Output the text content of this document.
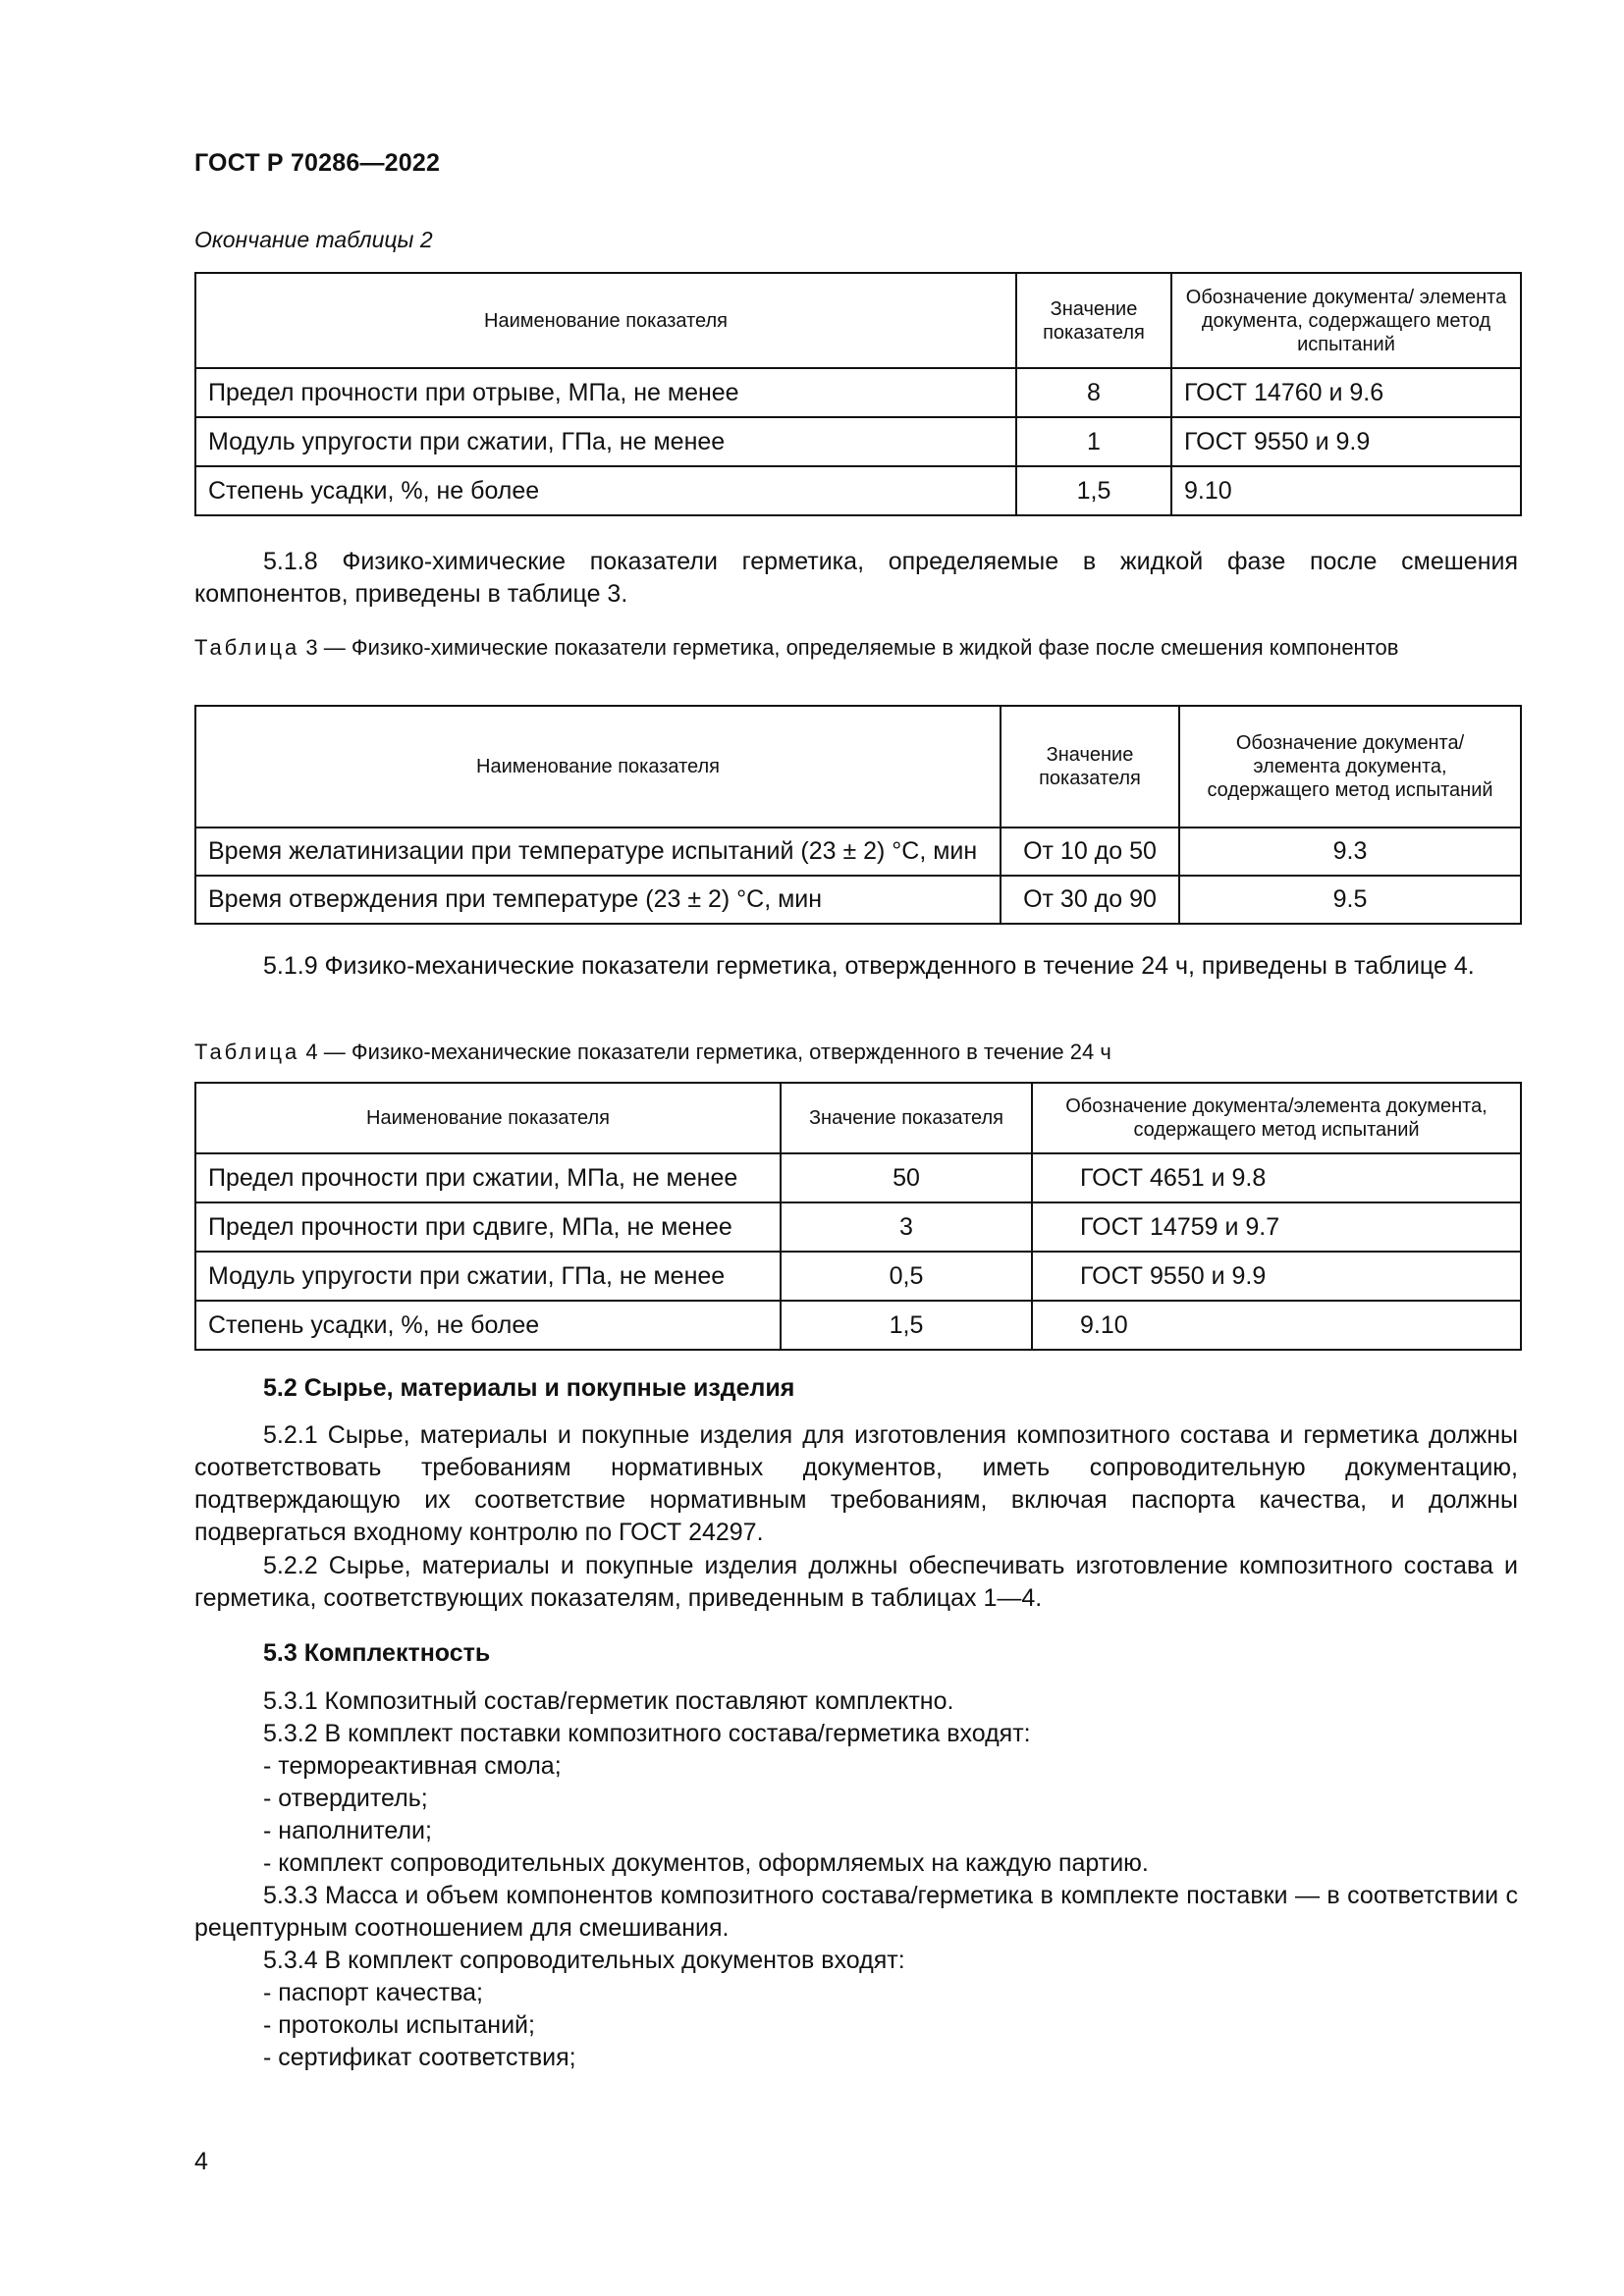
ГОСТ Р 70286—2022
Окончание таблицы 2
Наименование показателя	Значение показателя	Обозначение документа/ элемента документа, содержащего метод испытаний
Предел прочности при отрыве, МПа, не менее	8	ГОСТ 14760 и 9.6
Модуль упругости при сжатии, ГПа, не менее	1	ГОСТ 9550 и 9.9
Степень усадки, %, не более	1,5	9.10

5.1.8 Физико-химические показатели герметика, определяемые в жидкой фазе после смешения компонентов, приведены в таблице 3.

Таблица 3 — Физико-химические показатели герметика, определяемые в жидкой фазе после смешения компонентов
Наименование показателя	Значение показателя	Обозначение документа/ элемента документа, содержащего метод испытаний
Время желатинизации при температуре испытаний (23 ± 2) °С, мин	От 10 до 50	9.3
Время отверждения при температуре (23 ± 2) °С, мин	От 30 до 90	9.5

5.1.9 Физико-механические показатели герметика, отвержденного в течение 24 ч, приведены в таблице 4.

Таблица 4 — Физико-механические показатели герметика, отвержденного в течение 24 ч
Наименование показателя	Значение показателя	Обозначение документа/элемента документа, содержащего метод испытаний
Предел прочности при сжатии, МПа, не менее	50	ГОСТ 4651 и 9.8
Предел прочности при сдвиге, МПа, не менее	3	ГОСТ 14759 и 9.7
Модуль упругости при сжатии, ГПа, не менее	0,5	ГОСТ 9550 и 9.9
Степень усадки, %, не более	1,5	9.10
5.2 Сырье, материалы и покупные изделия

5.2.1 Сырье, материалы и покупные изделия для изготовления композитного состава и герметика должны соответствовать требованиям нормативных документов, иметь сопроводительную документацию, подтверждающую их соответствие нормативным требованиям, включая паспорта качества, и должны подвергаться входному контролю по ГОСТ 24297.

5.2.2 Сырье, материалы и покупные изделия должны обеспечивать изготовление композитного состава и герметика, соответствующих показателям, приведенным в таблицах 1—4.

5.3 Комплектность
5.3.1 Композитный состав/герметик поставляют комплектно.
5.3.2 В комплект поставки композитного состава/герметика входят:
- термореактивная смола;
- отвердитель;
- наполнители;
- комплект сопроводительных документов, оформляемых на каждую партию.

5.3.3 Масса и объем компонентов композитного состава/герметика в комплекте поставки — в соответствии с рецептурным соотношением для смешивания.

5.3.4 В комплект сопроводительных документов входят:
- паспорт качества;
- протоколы испытаний;
- сертификат соответствия;
4
